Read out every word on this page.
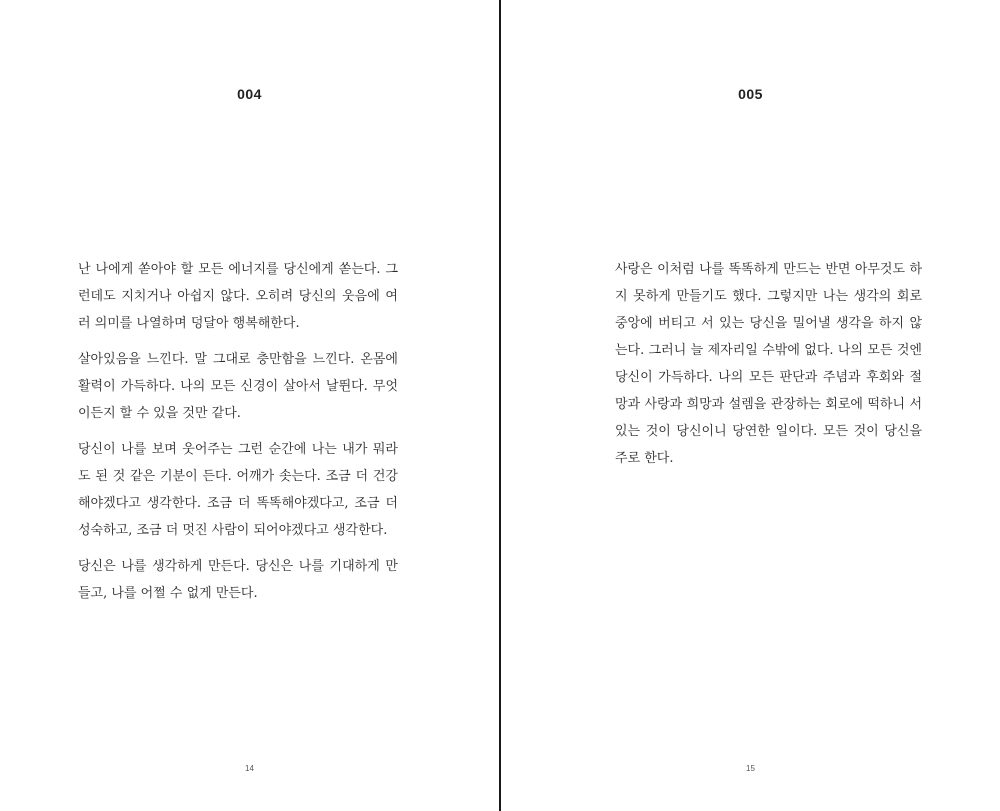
004

난 나에게 쏟아야 할 모든 에너지를 당신에게 쏟는다. 그런데도 지치거나 아쉽지 않다. 오히려 당신의 웃음에 여러 의미를 나열하며 덩달아 행복해한다.

살아있음을 느낀다. 말 그대로 충만함을 느낀다. 온몸에 활력이 가득하다. 나의 모든 신경이 살아서 날뛴다. 무엇이든지 할 수 있을 것만 같다.

당신이 나를 보며 웃어주는 그런 순간에 나는 내가 뭐라도 된 것 같은 기분이 든다. 어깨가 솟는다. 조금 더 건강해야겠다고 생각한다. 조금 더 똑똑해야겠다고, 조금 더 성숙하고, 조금 더 멋진 사람이 되어야겠다고 생각한다.

당신은 나를 생각하게 만든다. 당신은 나를 기대하게 만들고, 나를 어쩔 수 없게 만든다.

14
005

사랑은 이처럼 나를 똑똑하게 만드는 반면 아무것도 하지 못하게 만들기도 했다. 그렇지만 나는 생각의 회로 중앙에 버티고 서 있는 당신을 밀어낼 생각을 하지 않는다. 그러니 늘 제자리일 수밖에 없다. 나의 모든 것엔 당신이 가득하다. 나의 모든 판단과 주념과 후회와 절망과 사랑과 희망과 설렘을 관장하는 회로에 떡하니 서 있는 것이 당신이니 당연한 일이다. 모든 것이 당신을 주로 한다.

15
